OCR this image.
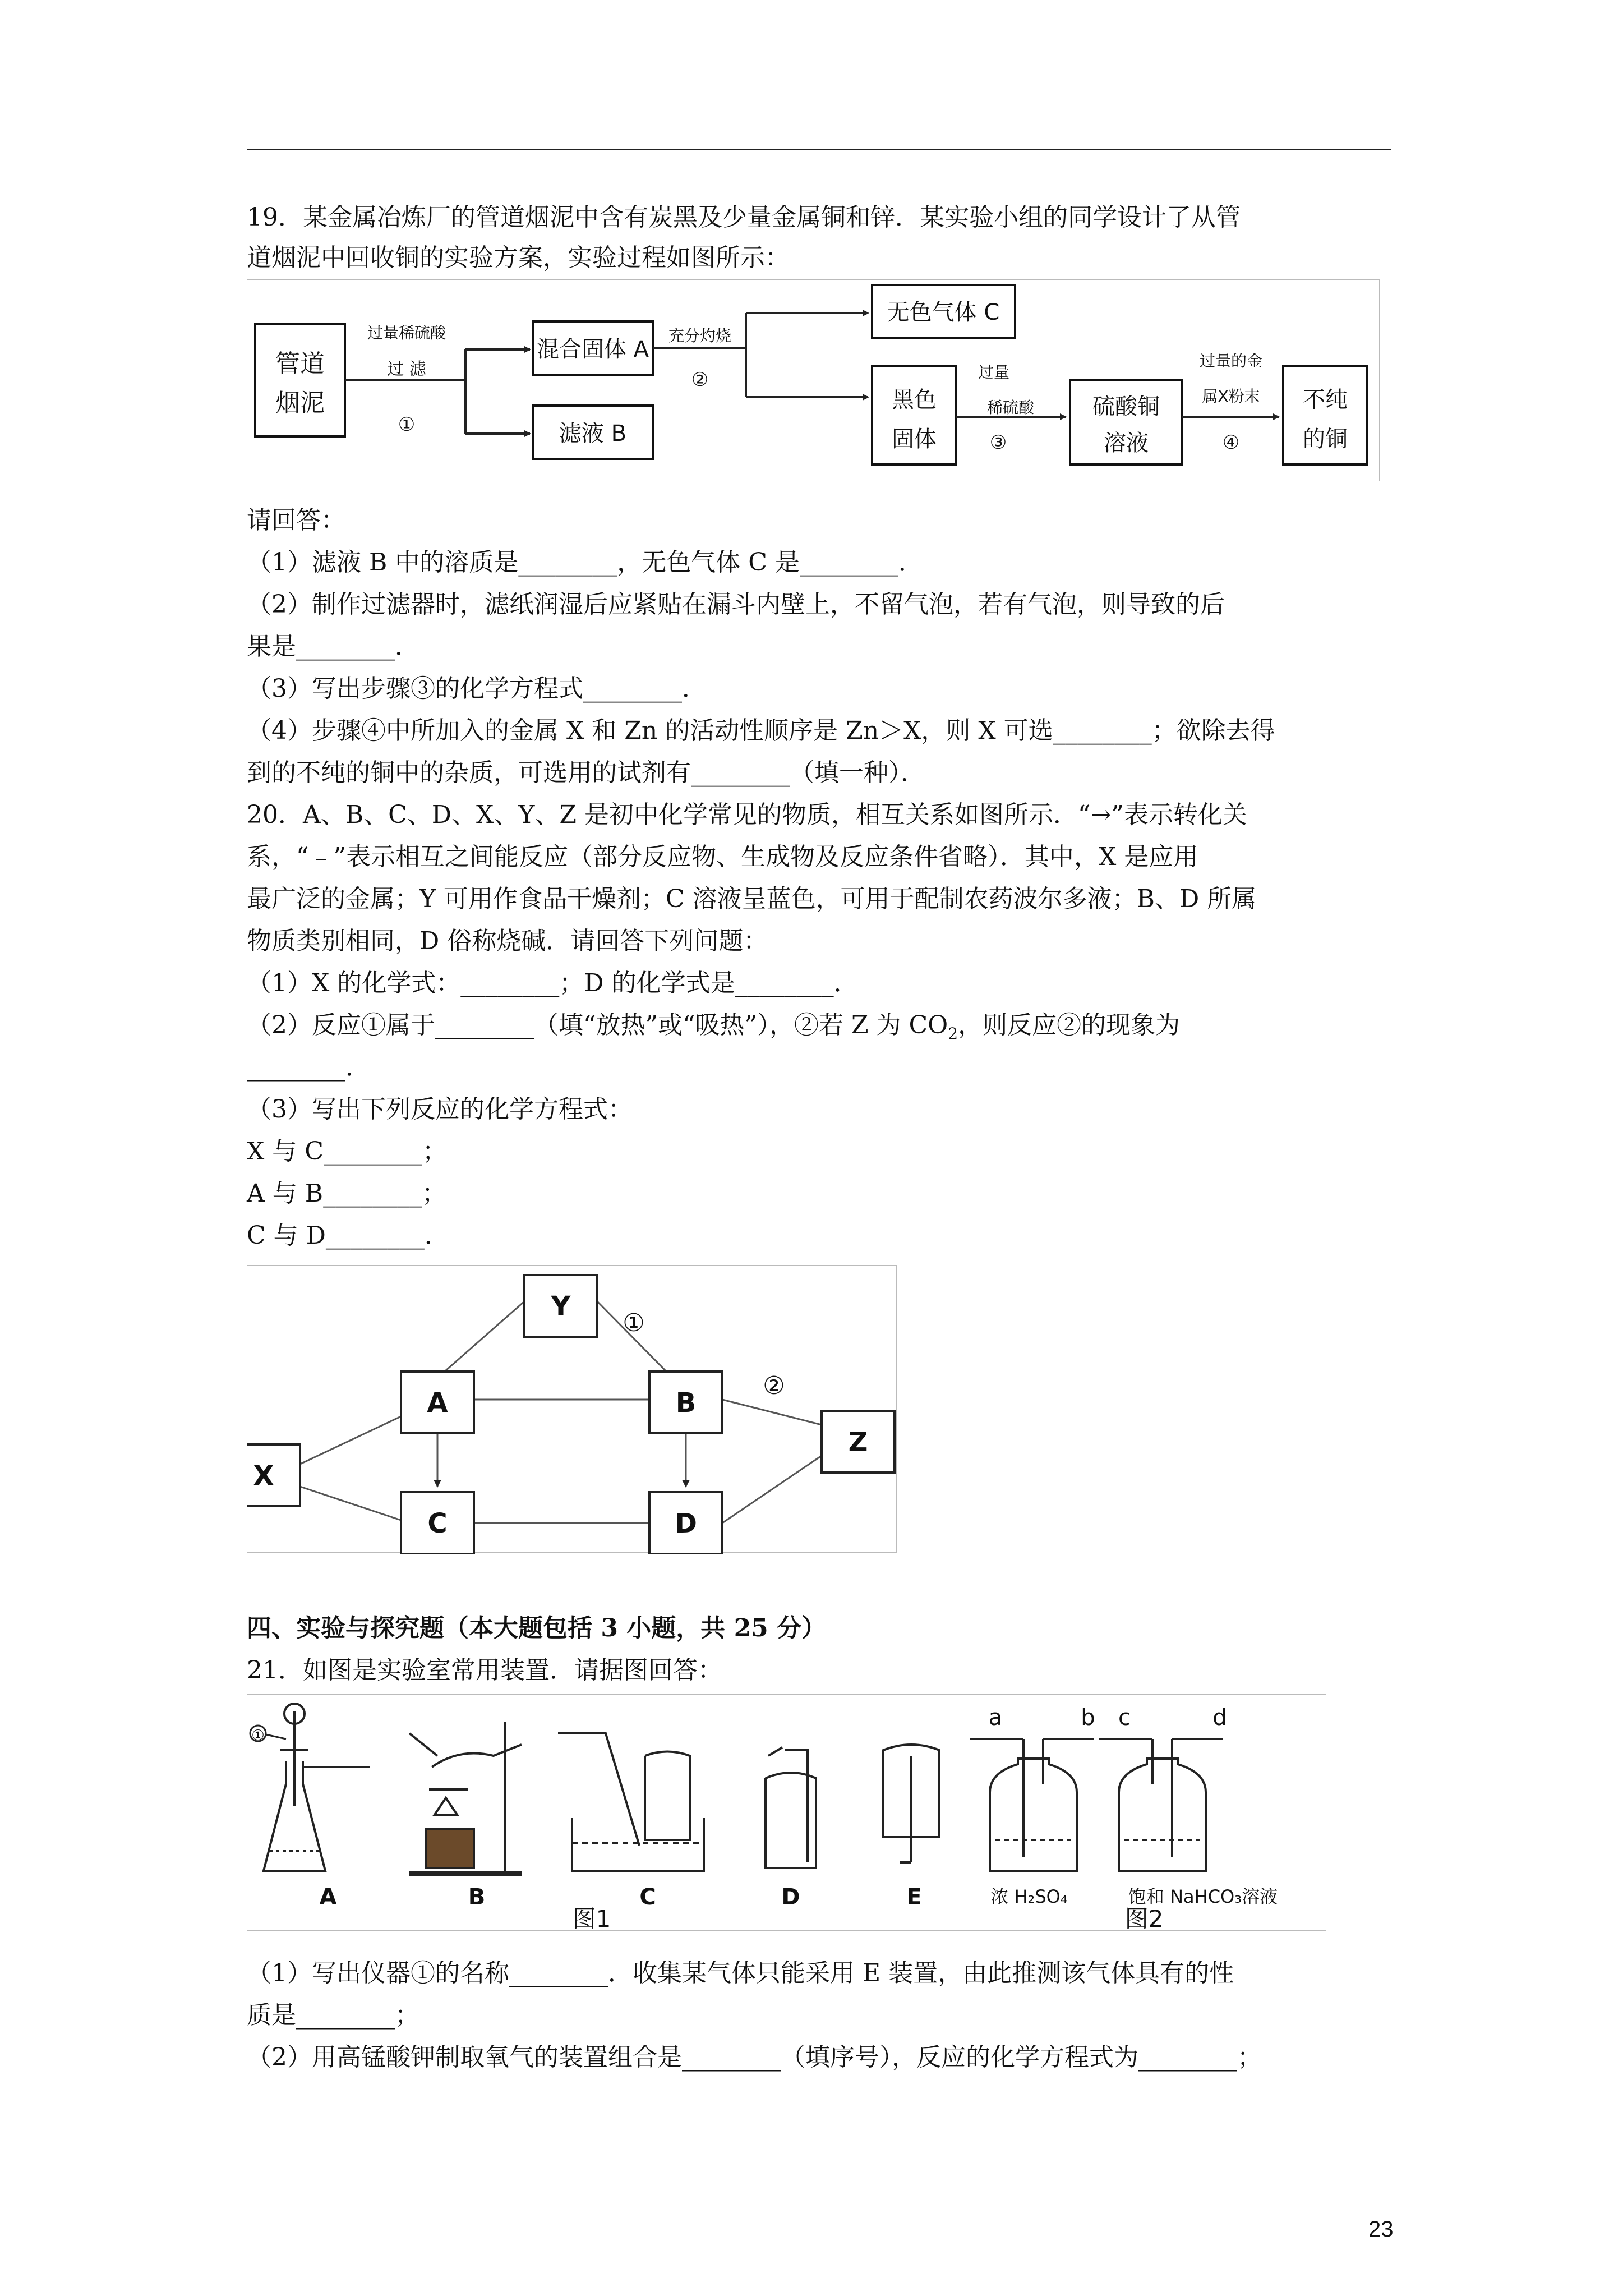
19．某金属冶炼厂的管道烟泥中含有炭黑及少量金属铜和锌．某实验小组的同学设计了从管
道烟泥中回收铜的实验方案，实验过程如图所示：
管道
烟泥
过量稀硫酸
过 滤
①
混合固体 A
滤液 B
充分灼烧
②
无色气体 C
黑色
固体
过量
稀硫酸
③
硫酸铜
溶液
过量的金
属X粉末
④
不纯
的铜
请回答：
（1）滤液 B 中的溶质是________，无色气体 C 是________．
（2）制作过滤器时，滤纸润湿后应紧贴在漏斗内壁上，不留气泡，若有气泡，则导致的后
果是________．
（3）写出步骤③的化学方程式________．
（4）步骤④中所加入的金属 X 和 Zn 的活动性顺序是 Zn＞X，则 X 可选________；欲除去得
到的不纯的铜中的杂质，可选用的试剂有________（填一种）．
20．A、B、C、D、X、Y、Z 是初中化学常见的物质，相互关系如图所示．“→”表示转化关
系，“﹣”表示相互之间能反应（部分反应物、生成物及反应条件省略）．其中，X 是应用
最广泛的金属；Y 可用作食品干燥剂；C 溶液呈蓝色，可用于配制农药波尔多液；B、D 所属
物质类别相同，D 俗称烧碱．请回答下列问题：
（1）X 的化学式：________；D 的化学式是________．
（2）反应①属于________（填“放热”或“吸热”），②若 Z 为 $CO_2$，则反应②的现象为
________．
（3）写出下列反应的化学方程式：
X 与 C________；
A 与 B________；
C 与 D________．
Y
A	B
X
C	D
Z
①
②
四、实验与探究题（本大题包括 3 小题，共 25 分）
21．如图是实验室常用装置．请据图回答：
①
A	B	C	D	E
a	b c	d
浓 H₂SO₄	饱和 NaHCO₃溶液
图1	图2
（1）写出仪器①的名称________．收集某气体只能采用 E 装置，由此推测该气体具有的性
质是________；
（2）用高锰酸钾制取氧气的装置组合是________（填序号），反应的化学方程式为________；
23
